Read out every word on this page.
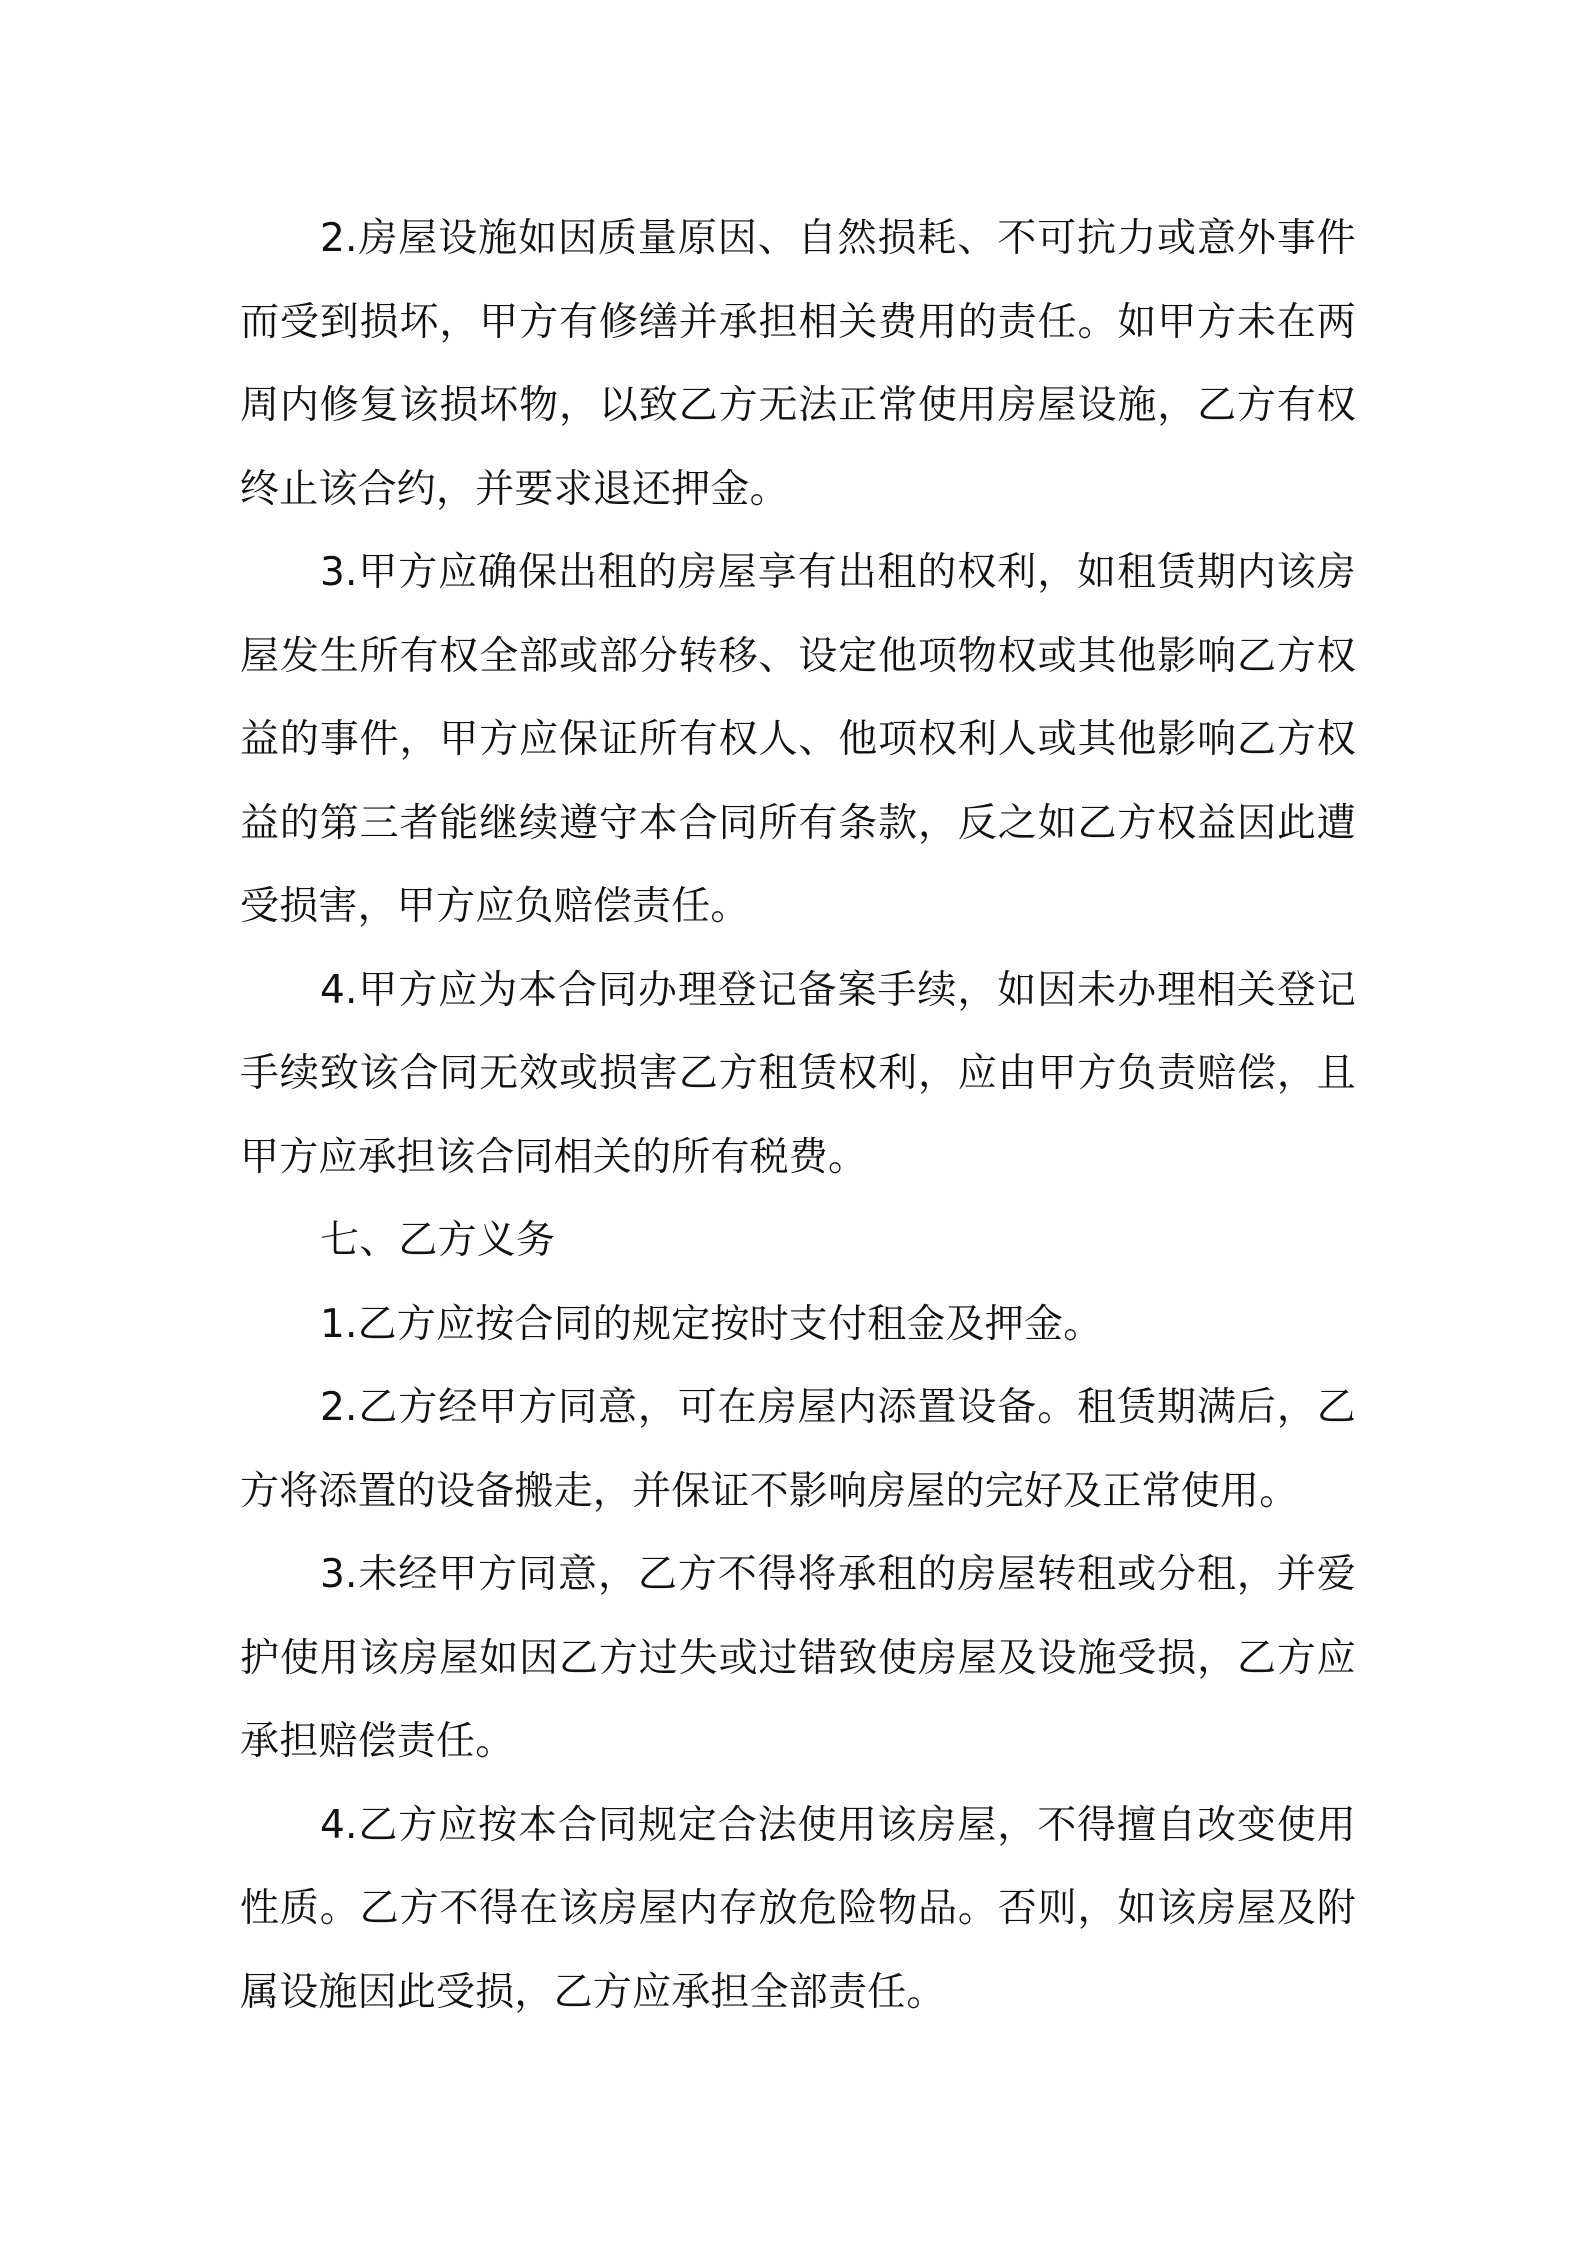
2.房屋设施如因质量原因、自然损耗、不可抗力或意外事件而受到损坏，甲方有修缮并承担相关费用的责任。如甲方未在两周内修复该损坏物，以致乙方无法正常使用房屋设施，乙方有权终止该合约，并要求退还押金。

3.甲方应确保出租的房屋享有出租的权利，如租赁期内该房屋发生所有权全部或部分转移、设定他项物权或其他影响乙方权益的事件，甲方应保证所有权人、他项权利人或其他影响乙方权益的第三者能继续遵守本合同所有条款，反之如乙方权益因此遭受损害，甲方应负赔偿责任。

4.甲方应为本合同办理登记备案手续，如因未办理相关登记手续致该合同无效或损害乙方租赁权利，应由甲方负责赔偿，且甲方应承担该合同相关的所有税费。

七、乙方义务

1.乙方应按合同的规定按时支付租金及押金。

2.乙方经甲方同意，可在房屋内添置设备。租赁期满后，乙方将添置的设备搬走，并保证不影响房屋的完好及正常使用。

3.未经甲方同意，乙方不得将承租的房屋转租或分租，并爱护使用该房屋如因乙方过失或过错致使房屋及设施受损，乙方应承担赔偿责任。

4.乙方应按本合同规定合法使用该房屋，不得擅自改变使用性质。乙方不得在该房屋内存放危险物品。否则，如该房屋及附属设施因此受损，乙方应承担全部责任。
